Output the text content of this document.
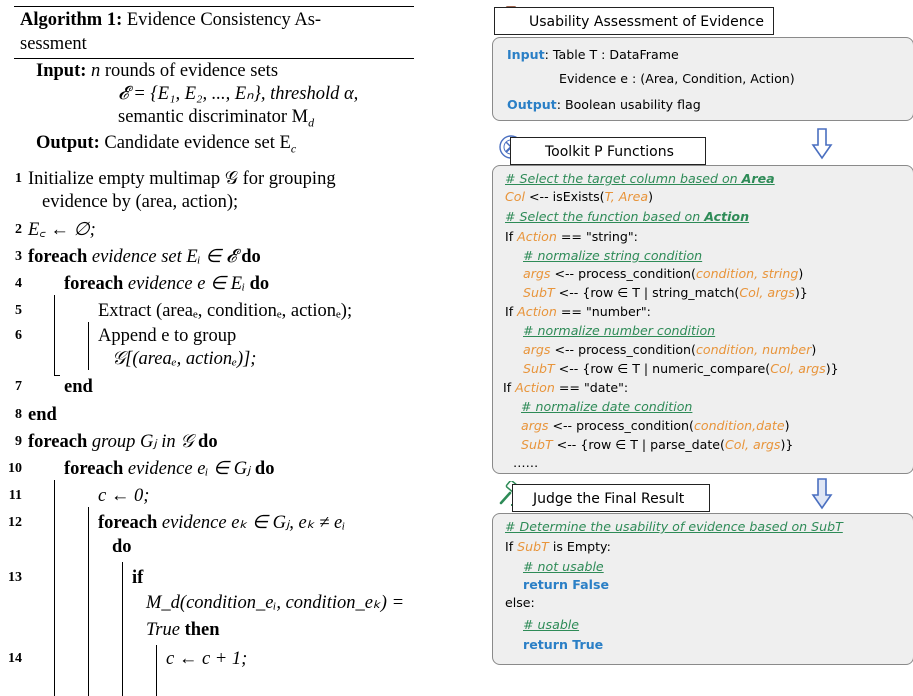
Algorithm 1: Evidence Consistency As-
sessment
Input: n rounds of evidence sets
𝓔 = {E₁, E₂, ..., Eₙ}, threshold α,
semantic discriminator $M_d$
Output: Candidate evidence set $E_c$
1 Initialize empty multimap 𝒢 for grouping
evidence by (area, action);
2 E꜀ ← ∅;
3 foreach evidence set Eᵢ ∈ 𝓔 do
4 foreach evidence e ∈ Eᵢ do
5	Extract (areaₑ, conditionₑ, actionₑ);
6	Append e to group
𝒢[(areaₑ, actionₑ)];
7 end
8 end
9 foreach group Gⱼ in 𝒢 do
10 foreach evidence eᵢ ∈ Gⱼ do
11	c ← 0;
12	foreach evidence eₖ ∈ Gⱼ, eₖ ≠ eᵢ
do
13	if
M_d(condition_eᵢ, condition_eₖ) =
True then
14	c ← c + 1;
Usability Assessment of Evidence
Input: Table T : DataFrame
Evidence e : (Area, Condition, Action)
Output: Boolean usability flag
Toolkit P Functions
# Select the target column based on Area
Col <-- isExists(T, Area)
# Select the function based on Action
If Action == "string":
# normalize string condition
args <-- process_condition(condition, string)
SubT <-- {row ∈ T | string_match(Col, args)}
If Action == "number":
# normalize number condition
args <-- process_condition(condition, number)
SubT <-- {row ∈ T | numeric_compare(Col, args)}
If Action == "date":
# normalize date condition
args <-- process_condition(condition,date)
SubT <-- {row ∈ T | parse_date(Col, args)}
……
Judge the Final Result
# Determine the usability of evidence based on SubT
If SubT is Empty:
# not usable
return False
else:
# usable
return True
